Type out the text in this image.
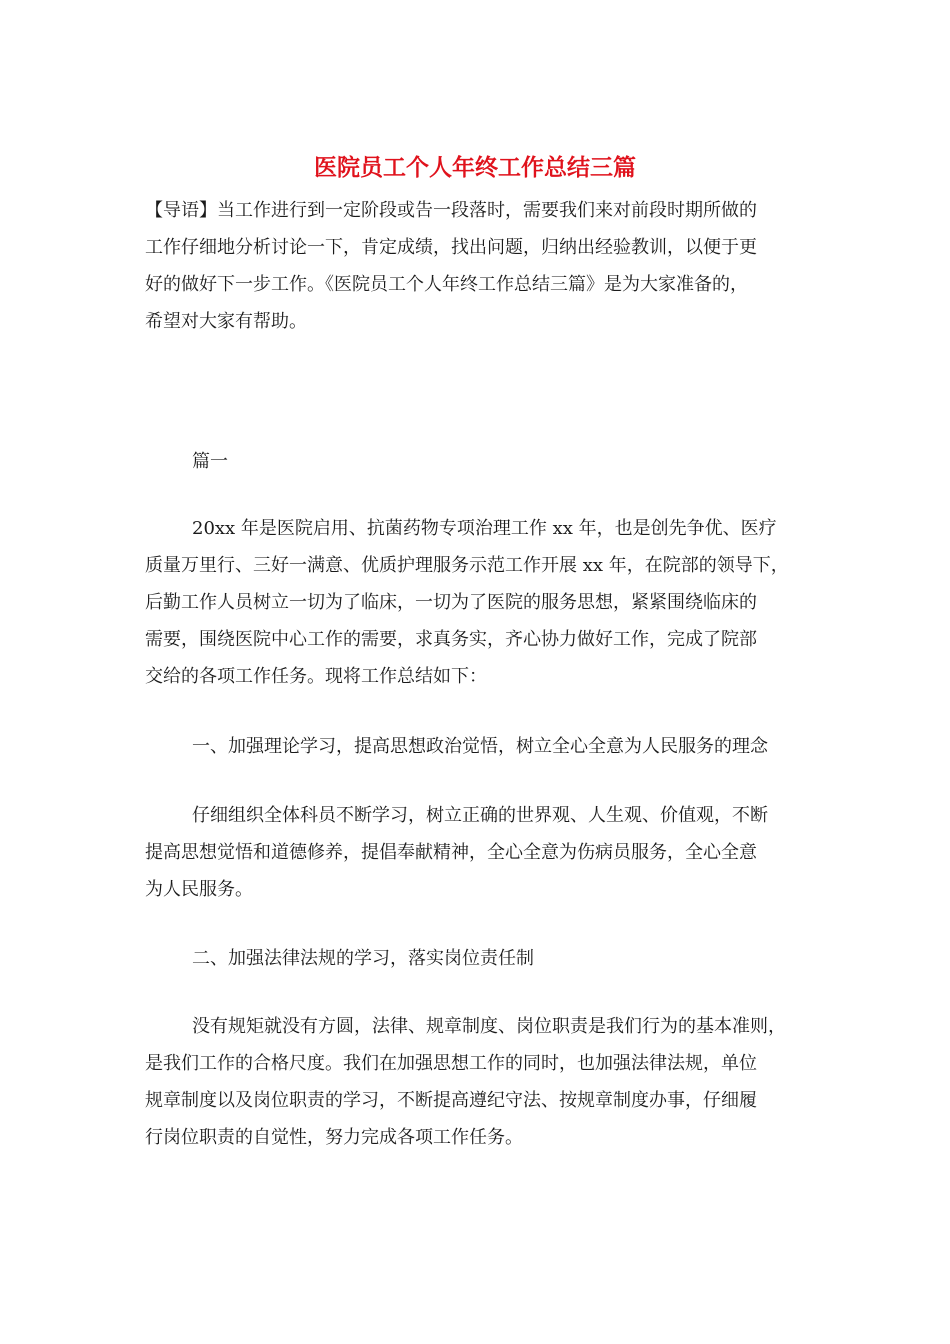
医院员工个人年终工作总结三篇
【导语】当工作进行到一定阶段或告一段落时，需要我们来对前段时期所做的
工作仔细地分析讨论一下，肯定成绩，找出问题，归纳出经验教训，以便于更
好的做好下一步工作。《医院员工个人年终工作总结三篇》是为大家准备的，
希望对大家有帮助。
篇一
20xx 年是医院启用、抗菌药物专项治理工作 xx 年，也是创先争优、医疗
质量万里行、三好一满意、优质护理服务示范工作开展 xx 年，在院部的领导下，
后勤工作人员树立一切为了临床，一切为了医院的服务思想，紧紧围绕临床的
需要，围绕医院中心工作的需要，求真务实，齐心协力做好工作，完成了院部
交给的各项工作任务。现将工作总结如下：
一、加强理论学习，提高思想政治觉悟，树立全心全意为人民服务的理念
仔细组织全体科员不断学习，树立正确的世界观、人生观、价值观，不断
提高思想觉悟和道德修养，提倡奉献精神，全心全意为伤病员服务，全心全意
为人民服务。
二、加强法律法规的学习，落实岗位责任制
没有规矩就没有方圆，法律、规章制度、岗位职责是我们行为的基本准则，
是我们工作的合格尺度。我们在加强思想工作的同时，也加强法律法规，单位
规章制度以及岗位职责的学习，不断提高遵纪守法、按规章制度办事，仔细履
行岗位职责的自觉性，努力完成各项工作任务。
